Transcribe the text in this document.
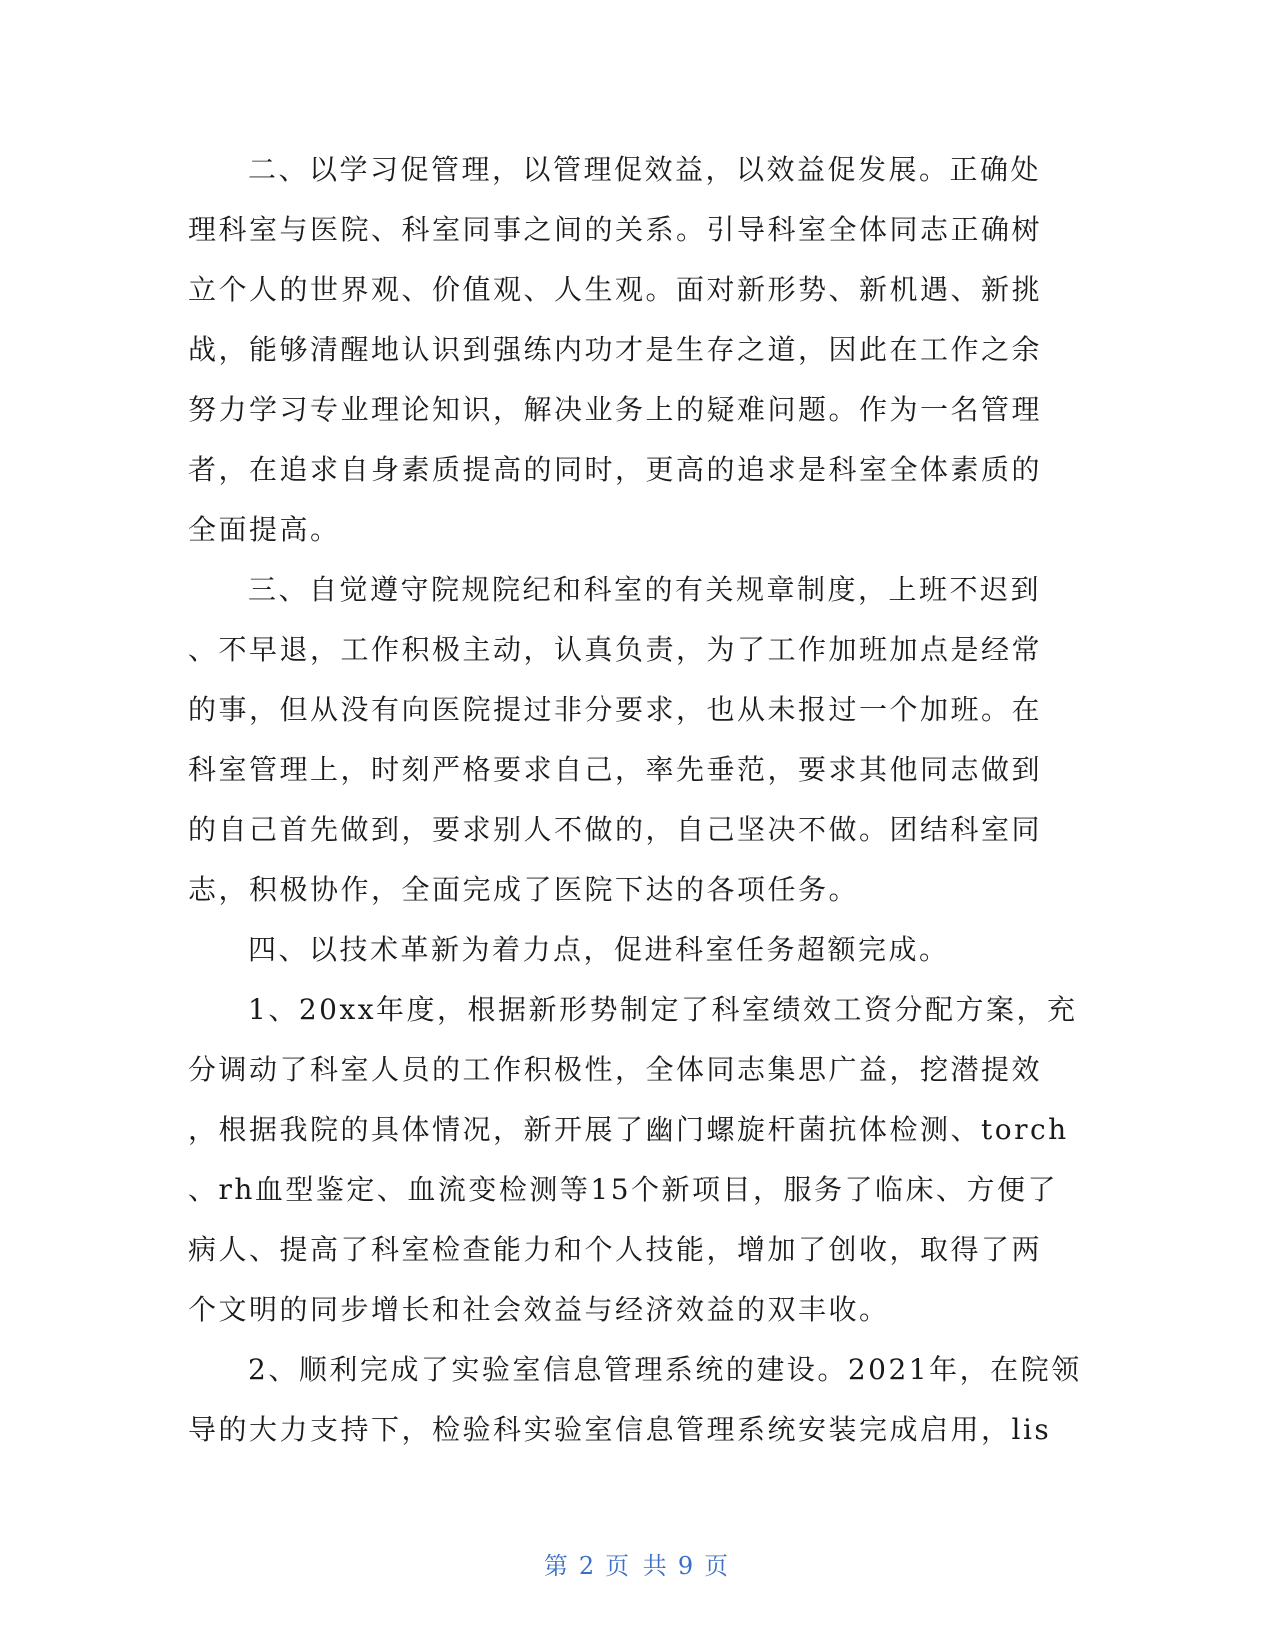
二、以学习促管理，以管理促效益，以效益促发展。正确处
理科室与医院、科室同事之间的关系。引导科室全体同志正确树
立个人的世界观、价值观、人生观。面对新形势、新机遇、新挑
战，能够清醒地认识到强练内功才是生存之道，因此在工作之余
努力学习专业理论知识，解决业务上的疑难问题。作为一名管理
者，在追求自身素质提高的同时，更高的追求是科室全体素质的
全面提高。
三、自觉遵守院规院纪和科室的有关规章制度，上班不迟到
、不早退，工作积极主动，认真负责，为了工作加班加点是经常
的事，但从没有向医院提过非分要求，也从未报过一个加班。在
科室管理上，时刻严格要求自己，率先垂范，要求其他同志做到
的自己首先做到，要求别人不做的，自己坚决不做。团结科室同
志，积极协作，全面完成了医院下达的各项任务。
四、以技术革新为着力点，促进科室任务超额完成。
1、20xx年度，根据新形势制定了科室绩效工资分配方案，充
分调动了科室人员的工作积极性，全体同志集思广益，挖潜提效
，根据我院的具体情况，新开展了幽门螺旋杆菌抗体检测、torch
、rh血型鉴定、血流变检测等15个新项目，服务了临床、方便了
病人、提高了科室检查能力和个人技能，增加了创收，取得了两
个文明的同步增长和社会效益与经济效益的双丰收。
2、顺利完成了实验室信息管理系统的建设。2021年，在院领
导的大力支持下，检验科实验室信息管理系统安装完成启用，lis
第 2 页 共 9 页
